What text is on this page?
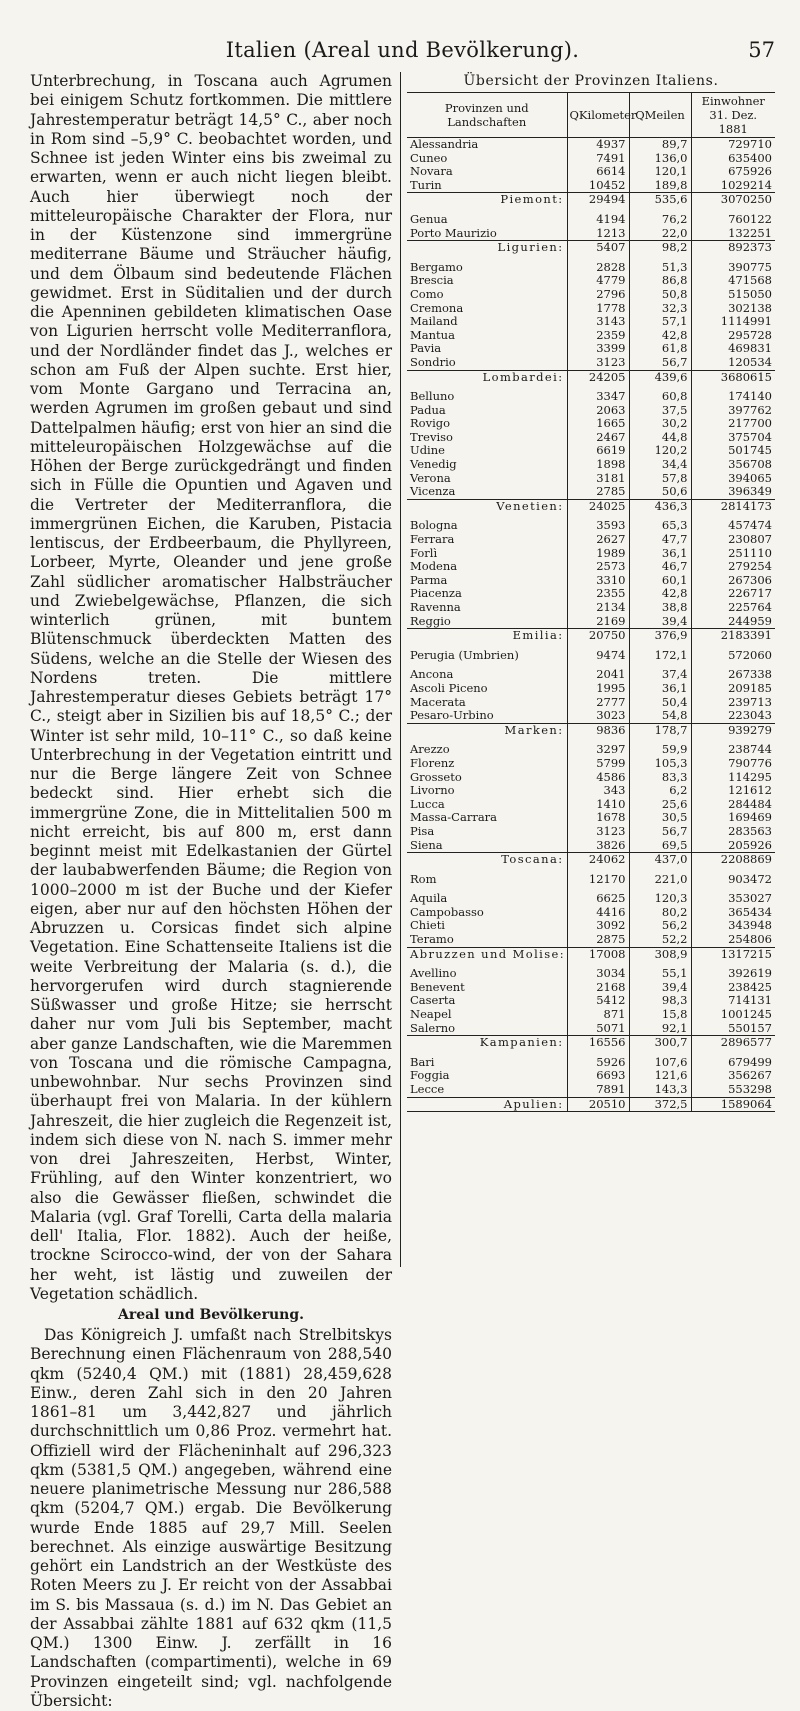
Italien (Areal und Bevölkerung).	57

Unterbrechung, in Toscana auch Agrumen bei einigem Schutz fortkommen. Die mittlere Jahrestemperatur beträgt 14,5° C., aber noch in Rom sind –5,9° C. beobachtet worden, und Schnee ist jeden Winter eins bis zweimal zu erwarten, wenn er auch nicht liegen bleibt. Auch hier überwiegt noch der mitteleuropäische Charakter der Flora, nur in der Küstenzone sind immergrüne mediterrane Bäume und Sträucher häufig, und dem Ölbaum sind bedeutende Flächen gewidmet. Erst in Süditalien und der durch die Apenninen gebildeten klimatischen Oase von Ligurien herrscht volle Mediterranflora, und der Nordländer findet das J., welches er schon am Fuß der Alpen suchte. Erst hier, vom Monte Gargano und Terracina an, werden Agrumen im großen gebaut und sind Dattelpalmen häufig; erst von hier an sind die mitteleuropäischen Holzgewächse auf die Höhen der Berge zurückgedrängt und finden sich in Fülle die Opuntien und Agaven und die Vertreter der Mediterranflora, die immergrünen Eichen, die Karuben, Pistacia lentiscus, der Erdbeerbaum, die Phyllyreen, Lorbeer, Myrte, Oleander und jene große Zahl südlicher aromatischer Halbsträucher und Zwiebelgewächse, Pflanzen, die sich winterlich grünen, mit buntem Blütenschmuck überdeckten Matten des Südens, welche an die Stelle der Wiesen des Nordens treten. Die mittlere Jahrestemperatur dieses Gebiets beträgt 17° C., steigt aber in Sizilien bis auf 18,5° C.; der Winter ist sehr mild, 10–11° C., so daß keine Unterbrechung in der Vegetation eintritt und nur die Berge längere Zeit von Schnee bedeckt sind. Hier erhebt sich die immergrüne Zone, die in Mittelitalien 500 m nicht erreicht, bis auf 800 m, erst dann beginnt meist mit Edelkastanien der Gürtel der laubabwerfenden Bäume; die Region von 1000–2000 m ist der Buche und der Kiefer eigen, aber nur auf den höchsten Höhen der Abruzzen u. Corsicas findet sich alpine Vegetation. Eine Schattenseite Italiens ist die weite Verbreitung der Malaria (s. d.), die hervorgerufen wird durch stagnierende Süßwasser und große Hitze; sie herrscht daher nur vom Juli bis September, macht aber ganze Landschaften, wie die Maremmen von Toscana und die römische Campagna, unbewohnbar. Nur sechs Provinzen sind überhaupt frei von Malaria. In der kühlern Jahreszeit, die hier zugleich die Regenzeit ist, indem sich diese von N. nach S. immer mehr von drei Jahreszeiten, Herbst, Winter, Frühling, auf den Winter konzentriert, wo also die Gewässer fließen, schwindet die Malaria (vgl. Graf Torelli, Carta della malaria dell' Italia, Flor. 1882). Auch der heiße, trockne Scirocco-wind, der von der Sahara her weht, ist lästig und zuweilen der Vegetation schädlich.

Areal und Bevölkerung.

Das Königreich J. umfaßt nach Strelbitskys Berechnung einen Flächenraum von 288,540 qkm (5240,4 QM.) mit (1881) 28,459,628 Einw., deren Zahl sich in den 20 Jahren 1861–81 um 3,442,827 und jährlich durchschnittlich um 0,86 Proz. vermehrt hat. Offiziell wird der Flächeninhalt auf 296,323 qkm (5381,5 QM.) angegeben, während eine neuere planimetrische Messung nur 286,588 qkm (5204,7 QM.) ergab. Die Bevölkerung wurde Ende 1885 auf 29,7 Mill. Seelen berechnet. Als einzige auswärtige Besitzung gehört ein Landstrich an der Westküste des Roten Meers zu J. Er reicht von der Assabbai im S. bis Massaua (s. d.) im N. Das Gebiet an der Assabbai zählte 1881 auf 632 qkm (11,5 QM.) 1300 Einw. J. zerfällt in 16 Landschaften (compartimenti), welche in 69 Provinzen eingeteilt sind; vgl. nachfolgende Übersicht:

Übersicht der Provinzen Italiens.
Provinzen und Landschaften	QKilometer	QMeilen	Einwohner 31. Dez. 1881
Alessandria	4937	89,7	729710
Cuneo	7491	136,0	635400
Novara	6614	120,1	675926
Turin	10452	189,8	1029214
Piemont:	29494	535,6	3070250

Genua	4194	76,2	760122
Porto Maurizio	1213	22,0	132251
Ligurien:	5407	98,2	892373

Bergamo	2828	51,3	390775
Brescia	4779	86,8	471568
Como	2796	50,8	515050
Cremona	1778	32,3	302138
Mailand	3143	57,1	1114991
Mantua	2359	42,8	295728
Pavia	3399	61,8	469831
Sondrio	3123	56,7	120534
Lombardei:	24205	439,6	3680615

Belluno	3347	60,8	174140
Padua	2063	37,5	397762
Rovigo	1665	30,2	217700
Treviso	2467	44,8	375704
Udine	6619	120,2	501745
Venedig	1898	34,4	356708
Verona	3181	57,8	394065
Vicenza	2785	50,6	396349
Venetien:	24025	436,3	2814173

Bologna	3593	65,3	457474
Ferrara	2627	47,7	230807
Forlì	1989	36,1	251110
Modena	2573	46,7	279254
Parma	3310	60,1	267306
Piacenza	2355	42,8	226717
Ravenna	2134	38,8	225764
Reggio	2169	39,4	244959
Emilia:	20750	376,9	2183391

Perugia (Umbrien)	9474	172,1	572060

Ancona	2041	37,4	267338
Ascoli Piceno	1995	36,1	209185
Macerata	2777	50,4	239713
Pesaro-Urbino	3023	54,8	223043
Marken:	9836	178,7	939279

Arezzo	3297	59,9	238744
Florenz	5799	105,3	790776
Grosseto	4586	83,3	114295
Livorno	343	6,2	121612
Lucca	1410	25,6	284484
Massa-Carrara	1678	30,5	169469
Pisa	3123	56,7	283563
Siena	3826	69,5	205926
Toscana:	24062	437,0	2208869

Rom	12170	221,0	903472

Aquila	6625	120,3	353027
Campobasso	4416	80,2	365434
Chieti	3092	56,2	343948
Teramo	2875	52,2	254806
Abruzzen und Molise:	17008	308,9	1317215

Avellino	3034	55,1	392619
Benevent	2168	39,4	238425
Caserta	5412	98,3	714131
Neapel	871	15,8	1001245
Salerno	5071	92,1	550157
Kampanien:	16556	300,7	2896577

Bari	5926	107,6	679499
Foggia	6693	121,6	356267
Lecce	7891	143,3	553298
Apulien:	20510	372,5	1589064
